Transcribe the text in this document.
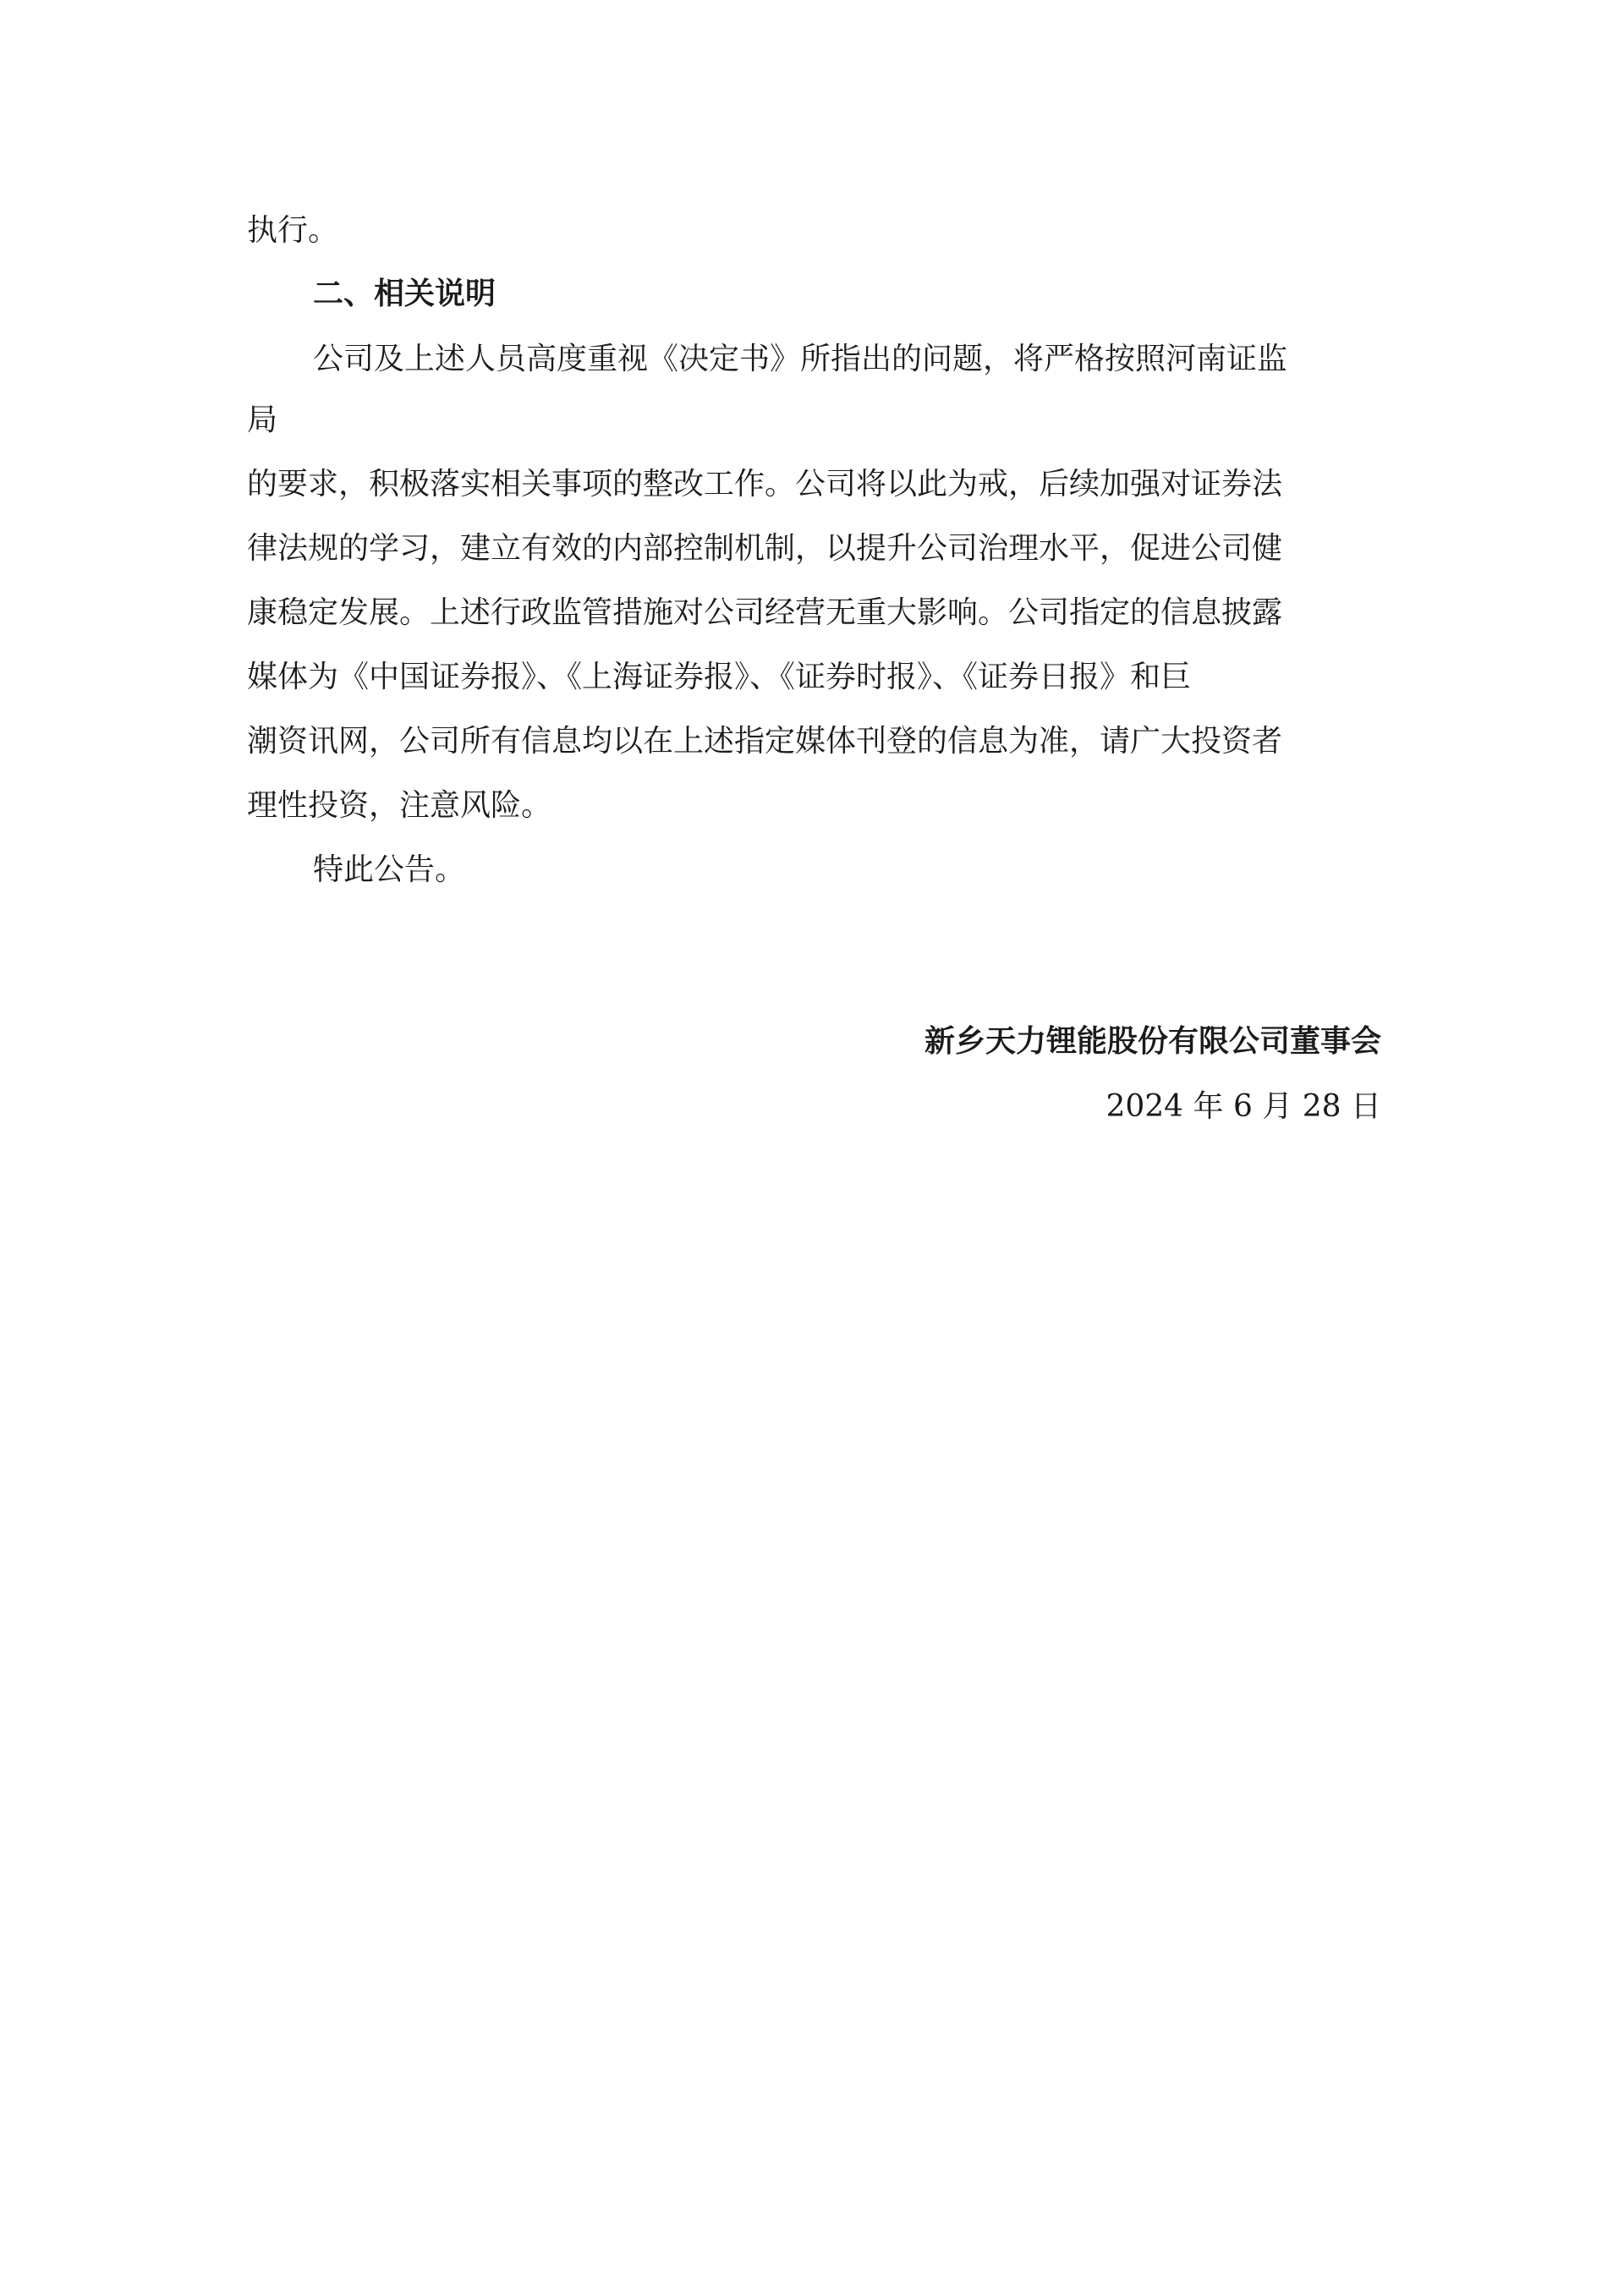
执行。
二、相关说明
公司及上述人员高度重视《决定书》所指出的问题，将严格按照河南证监
局
的要求，积极落实相关事项的整改工作。公司将以此为戒，后续加强对证券法
律法规的学习，建立有效的内部控制机制，以提升公司治理水平，促进公司健
康稳定发展。上述行政监管措施对公司经营无重大影响。公司指定的信息披露
媒体为《中国证券报》、《上海证券报》、《证券时报》、《证券日报》和巨
潮资讯网，公司所有信息均以在上述指定媒体刊登的信息为准，请广大投资者
理性投资，注意风险。
特此公告。
新乡天力锂能股份有限公司董事会
2024 年 6 月 28 日
